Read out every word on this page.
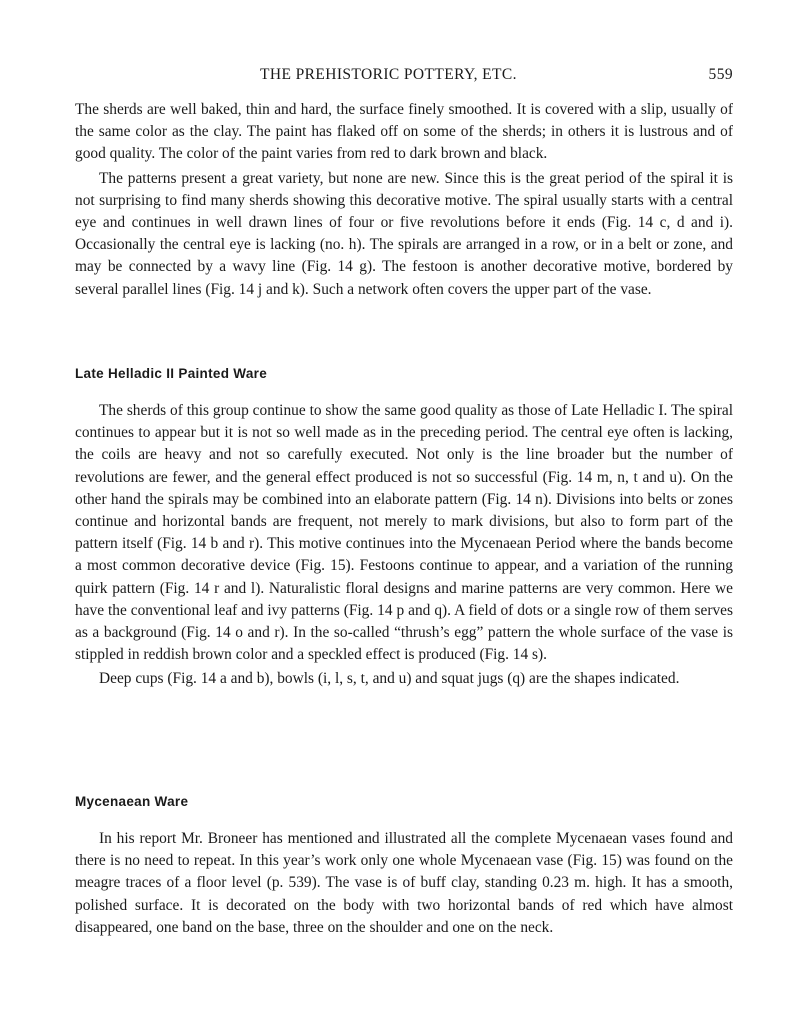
THE PREHISTORIC POTTERY, ETC.	559

The sherds are well baked, thin and hard, the surface finely smoothed. It is covered with a slip, usually of the same color as the clay. The paint has flaked off on some of the sherds; in others it is lustrous and of good quality. The color of the paint varies from red to dark brown and black.

The patterns present a great variety, but none are new. Since this is the great period of the spiral it is not surprising to find many sherds showing this decorative motive. The spiral usually starts with a central eye and continues in well drawn lines of four or five revolutions before it ends (Fig. 14 c, d and i). Occasionally the central eye is lacking (no. h). The spirals are arranged in a row, or in a belt or zone, and may be connected by a wavy line (Fig. 14 g). The festoon is another decorative motive, bordered by several parallel lines (Fig. 14 j and k). Such a network often covers the upper part of the vase.

Late Helladic II Painted Ware

The sherds of this group continue to show the same good quality as those of Late Helladic I. The spiral continues to appear but it is not so well made as in the preceding period. The central eye often is lacking, the coils are heavy and not so carefully executed. Not only is the line broader but the number of revolutions are fewer, and the general effect produced is not so successful (Fig. 14 m, n, t and u). On the other hand the spirals may be combined into an elaborate pattern (Fig. 14 n). Divisions into belts or zones continue and horizontal bands are frequent, not merely to mark divisions, but also to form part of the pattern itself (Fig. 14 b and r). This motive continues into the Mycenaean Period where the bands become a most common decorative device (Fig. 15). Festoons continue to appear, and a variation of the running quirk pattern (Fig. 14 r and l). Naturalistic floral designs and marine patterns are very common. Here we have the conventional leaf and ivy patterns (Fig. 14 p and q). A field of dots or a single row of them serves as a background (Fig. 14 o and r). In the so-called “thrush’s egg” pattern the whole surface of the vase is stippled in reddish brown color and a speckled effect is produced (Fig. 14 s).

Deep cups (Fig. 14 a and b), bowls (i, l, s, t, and u) and squat jugs (q) are the shapes indicated.

Mycenaean Ware

In his report Mr. Broneer has mentioned and illustrated all the complete Mycenaean vases found and there is no need to repeat. In this year’s work only one whole Mycenaean vase (Fig. 15) was found on the meagre traces of a floor level (p. 539). The vase is of buff clay, standing 0.23 m. high. It has a smooth, polished surface. It is decorated on the body with two horizontal bands of red which have almost disappeared, one band on the base, three on the shoulder and one on the neck.
